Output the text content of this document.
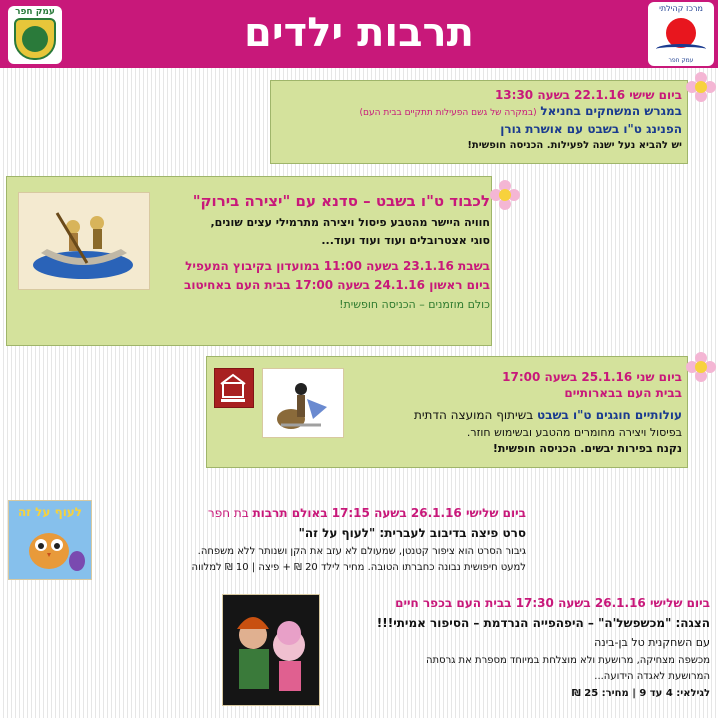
עמק חפר	תרבות ילדים
מרכז קהילתי
עמק חפר
ביום שישי 22.1.16 בשעה 13:30
במגרש המשחקים בחניאל (במקרה של גשם הפעילות תתקיים בבית העם)
הפנינג ט"ו בשבט עם אושרת גורן
יש להביא נעל ישנה לפעילות. הכניסה חופשית!
לכבוד ט"ו בשבט – סדנא עם "יצירה בירוק"
חוויה היישר מהטבע פיסול ויצירה מתרמילי עצים שונים,
סוגי אצטרובלים ועוד ועוד ועוד...
בשבת 23.1.16 בשעה 11:00 במועדון בקיבוץ המעפיל
ביום ראשון 24.1.16 בשעה 17:00 בבית העם באחיטוב
כולם מוזמנים – הכניסה חופשית!
ביום שני 25.1.16 בשעה 17:00
בבית העם בבארותיים
עולותיים חוגגים ט"ו בשבט בשיתוף המועצה הדתית
בפיסול ויצירה מחומרים מהטבע ובשימוש חוזר.
נקנח בפירות יבשים. הכניסה חופשית!
לעוף על זה	ביום שלישי 26.1.16 בשעה 17:15 באולם תרבות בת חפר
סרט פיצה בדיבוב לעברית: "לעוף על זה"
גיבור הסרט הוא ציפור קטנטן, שמעולם לא עזב את הקן ושנותר ללא משפחה.
למעט חיפושית נבונה כחברתו הטובה. מחיר לילד 20 ₪ + פיצה | 10 ₪ למלווה
ביום שלישי 26.1.16 בשעה 17:30 בבית העם בכפר חיים
הצגה: "מכשפשל'ה" – היפהפייה הנרדמת – הסיפור אמיתי!!!
עם השחקנית טל בן-בינה
מכשפה מצחיקה, מרושעת ולא מוצלחת במיוחד מספרת את גרסתה
המרושעת לאגדה הידועה...
לגילאי: 4 עד 9 | מחיר: 25 ₪
